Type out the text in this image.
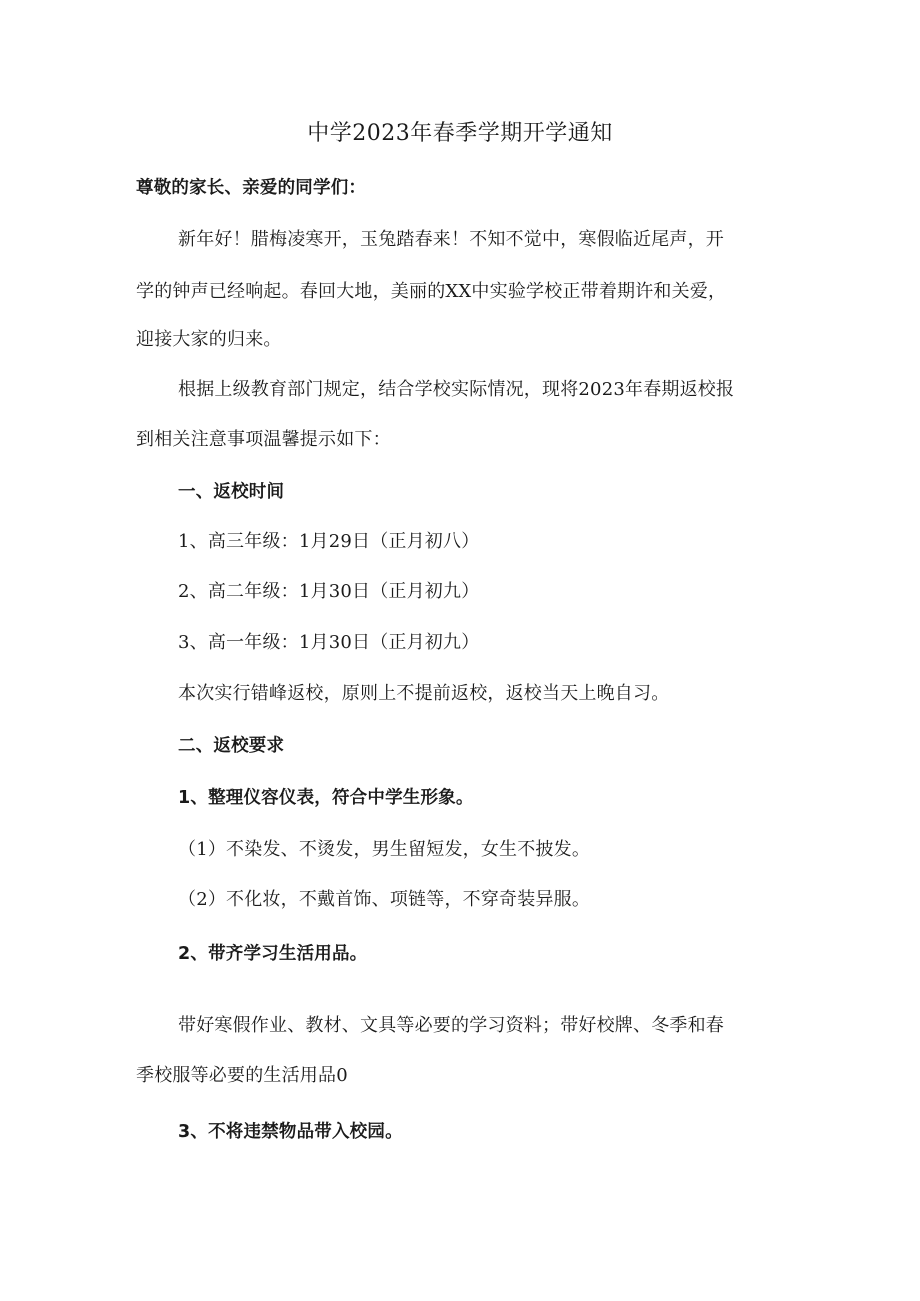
中学2023年春季学期开学通知
尊敬的家长、亲爱的同学们：
新年好！腊梅凌寒开，玉兔踏春来！不知不觉中，寒假临近尾声，开
学的钟声已经响起。春回大地，美丽的XX中实验学校正带着期许和关爱，
迎接大家的归来。
根据上级教育部门规定，结合学校实际情况，现将2023年春期返校报
到相关注意事项温馨提示如下：
一、返校时间
1、高三年级：1月29日（正月初八）
2、高二年级：1月30日（正月初九）
3、高一年级：1月30日（正月初九）
本次实行错峰返校，原则上不提前返校，返校当天上晚自习。
二、返校要求
1、整理仪容仪表，符合中学生形象。
（1）不染发、不烫发，男生留短发，女生不披发。
（2）不化妆，不戴首饰、项链等，不穿奇装异服。
2、带齐学习生活用品。
带好寒假作业、教材、文具等必要的学习资料；带好校牌、冬季和春
季校服等必要的生活用品0
3、不将违禁物品带入校园。
